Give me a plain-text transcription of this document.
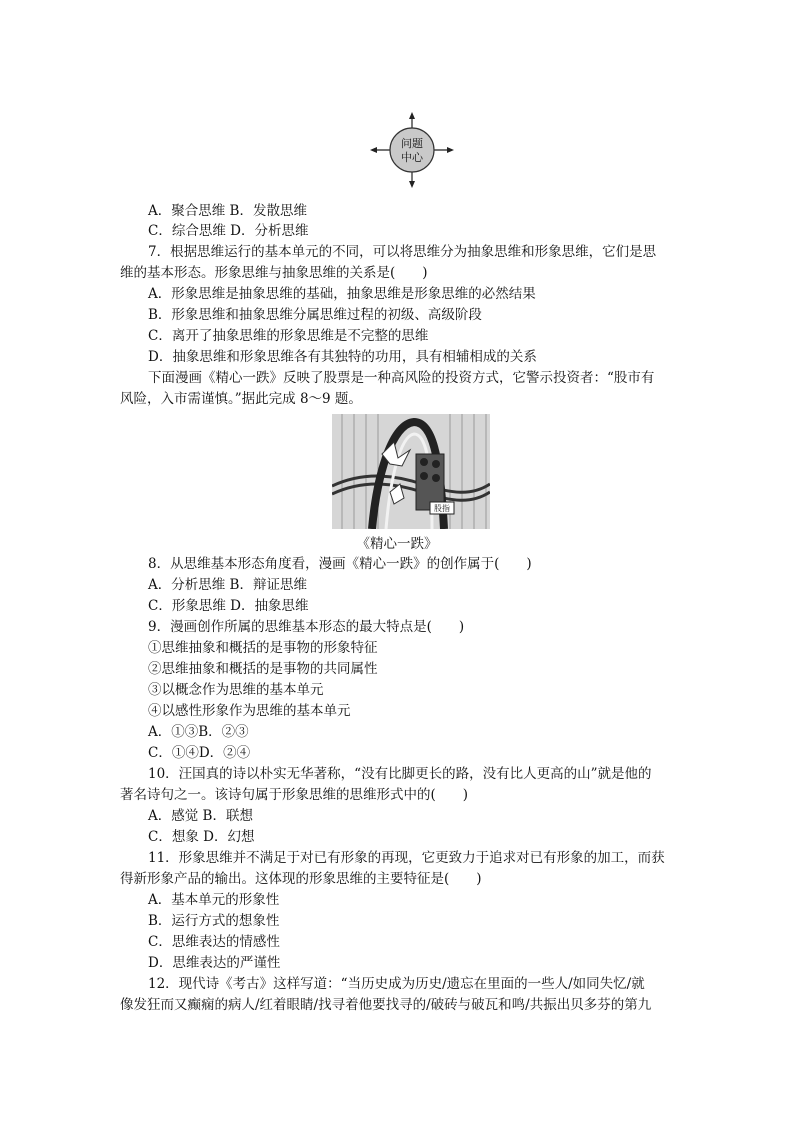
问题
中心
A．聚合思维 B．发散思维
C．综合思维 D．分析思维
7．根据思维运行的基本单元的不同，可以将思维分为抽象思维和形象思维，它们是思
维的基本形态。形象思维与抽象思维的关系是(　　)
A．形象思维是抽象思维的基础，抽象思维是形象思维的必然结果
B．形象思维和抽象思维分属思维过程的初级、高级阶段
C．离开了抽象思维的形象思维是不完整的思维
D．抽象思维和形象思维各有其独特的功用，具有相辅相成的关系
下面漫画《精心一跌》反映了股票是一种高风险的投资方式，它警示投资者：“股市有
风险，入市需谨慎。”据此完成 8～9 题。
股指
《精心一跌》
8．从思维基本形态角度看，漫画《精心一跌》的创作属于(　　)
A．分析思维 B．辩证思维
C．形象思维 D．抽象思维
9．漫画创作所属的思维基本形态的最大特点是(　　)
①思维抽象和概括的是事物的形象特征
②思维抽象和概括的是事物的共同属性
③以概念作为思维的基本单元
④以感性形象作为思维的基本单元
A．①③B．②③
C．①④D．②④
10．汪国真的诗以朴实无华著称，“没有比脚更长的路，没有比人更高的山”就是他的
著名诗句之一。该诗句属于形象思维的思维形式中的(　　)
A．感觉 B．联想
C．想象 D．幻想
11．形象思维并不满足于对已有形象的再现，它更致力于追求对已有形象的加工，而获
得新形象产品的输出。这体现的形象思维的主要特征是(　　)
A．基本单元的形象性
B．运行方式的想象性
C．思维表达的情感性
D．思维表达的严谨性
12．现代诗《考古》这样写道：“当历史成为历史/遗忘在里面的一些人/如同失忆/就
像发狂而又癫痫的病人/红着眼睛/找寻着他要找寻的/破砖与破瓦和鸣/共振出贝多芬的第九
